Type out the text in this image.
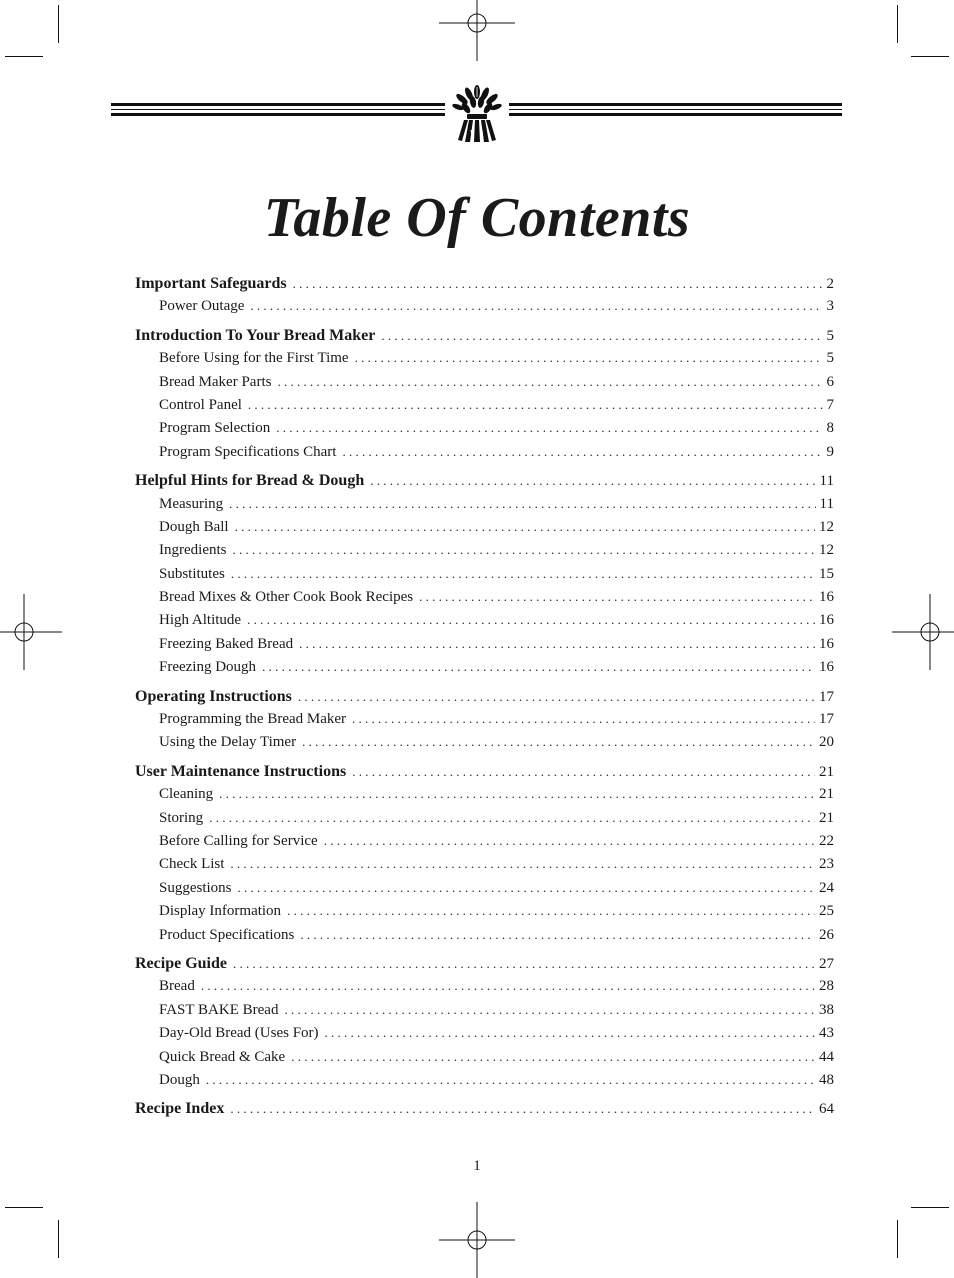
Table Of Contents
Important Safeguards . . .	2
Power Outage . . .	3
Introduction To Your Bread Maker . . .	5
Before Using for the First Time . . .	5
Bread Maker Parts . . .	6
Control Panel . . .	7
Program Selection . . .	8
Program Specifications Chart . . .	9
Helpful Hints for Bread & Dough . . .	11
Measuring . . .	11
Dough Ball . . .	12
Ingredients . . .	12
Substitutes . . .	15
Bread Mixes & Other Cook Book Recipes . . .	16
High Altitude . . .	16
Freezing Baked Bread . . .	16
Freezing Dough . . .	16
Operating Instructions . . .	17
Programming the Bread Maker . . .	17
Using the Delay Timer . . .	20
User Maintenance Instructions . . .	21
Cleaning . . .	21
Storing . . .	21
Before Calling for Service . . .	22
Check List . . .	23
Suggestions . . .	24
Display Information . . .	25
Product Specifications . . .	26
Recipe Guide . . .	27
Bread . . .	28
FAST BAKE Bread . . .	38
Day-Old Bread (Uses For) . . .	43
Quick Bread & Cake . . .	44
Dough . . .	48
Recipe Index . . .	64
1
